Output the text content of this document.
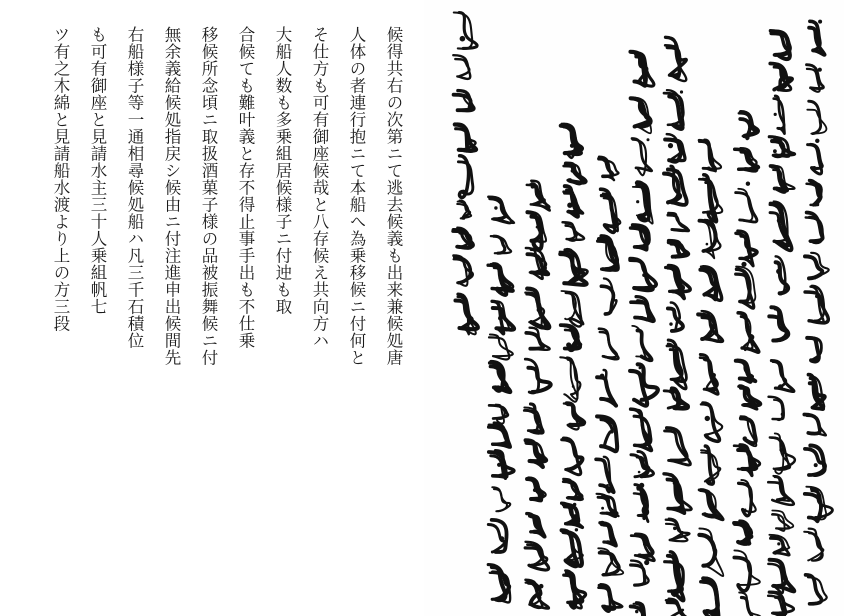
候得共右の次第ニて逃去候義も出来兼候処唐
人体の者連行抱ニて本船へ為乗移候ニ付何と
そ仕方も可有御座候哉と八存候え共向方ハ
大船人数も多乗組居候様子ニ付迚も取
合候ても難叶義と存不得止事手出も不仕乗
移候所念頃ニ取扱酒菓子様の品被振舞候ニ付
無余義給候処指戻シ候由ニ付注進申出候間先
右船様子等一通相尋候処船ハ凡三千石積位
も可有御座と見請水主三十人乗組帆七
ツ有之木綿と見請船水渡より上の方三段
